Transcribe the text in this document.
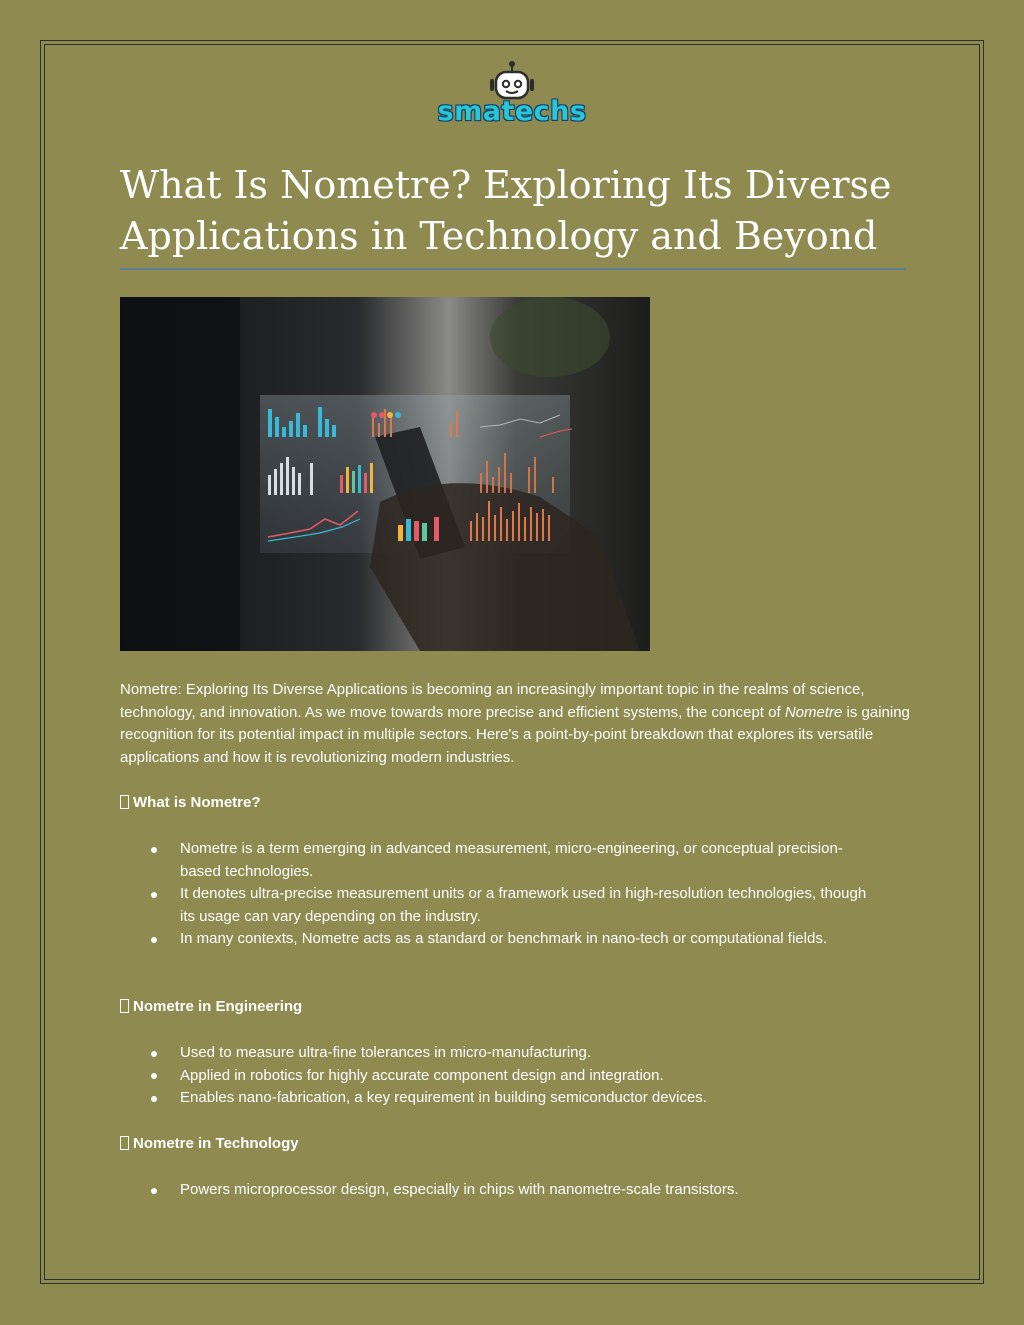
smatechs
What Is Nometre? Exploring Its Diverse Applications in Technology and Beyond
Nometre: Exploring Its Diverse Applications is becoming an increasingly important topic in the realms of science, technology, and innovation. As we move towards more precise and efficient systems, the concept of Nometre is gaining recognition for its potential impact in multiple sectors. Here's a point-by-point breakdown that explores its versatile applications and how it is revolutionizing modern industries.
What is Nometre?
Nometre is a term emerging in advanced measurement, micro-engineering, or conceptual precision-based technologies.
It denotes ultra-precise measurement units or a framework used in high-resolution technologies, though its usage can vary depending on the industry.
In many contexts, Nometre acts as a standard or benchmark in nano-tech or computational fields.
Nometre in Engineering
Used to measure ultra-fine tolerances in micro-manufacturing.
Applied in robotics for highly accurate component design and integration.
Enables nano-fabrication, a key requirement in building semiconductor devices.
Nometre in Technology
Powers microprocessor design, especially in chips with nanometre-scale transistors.
